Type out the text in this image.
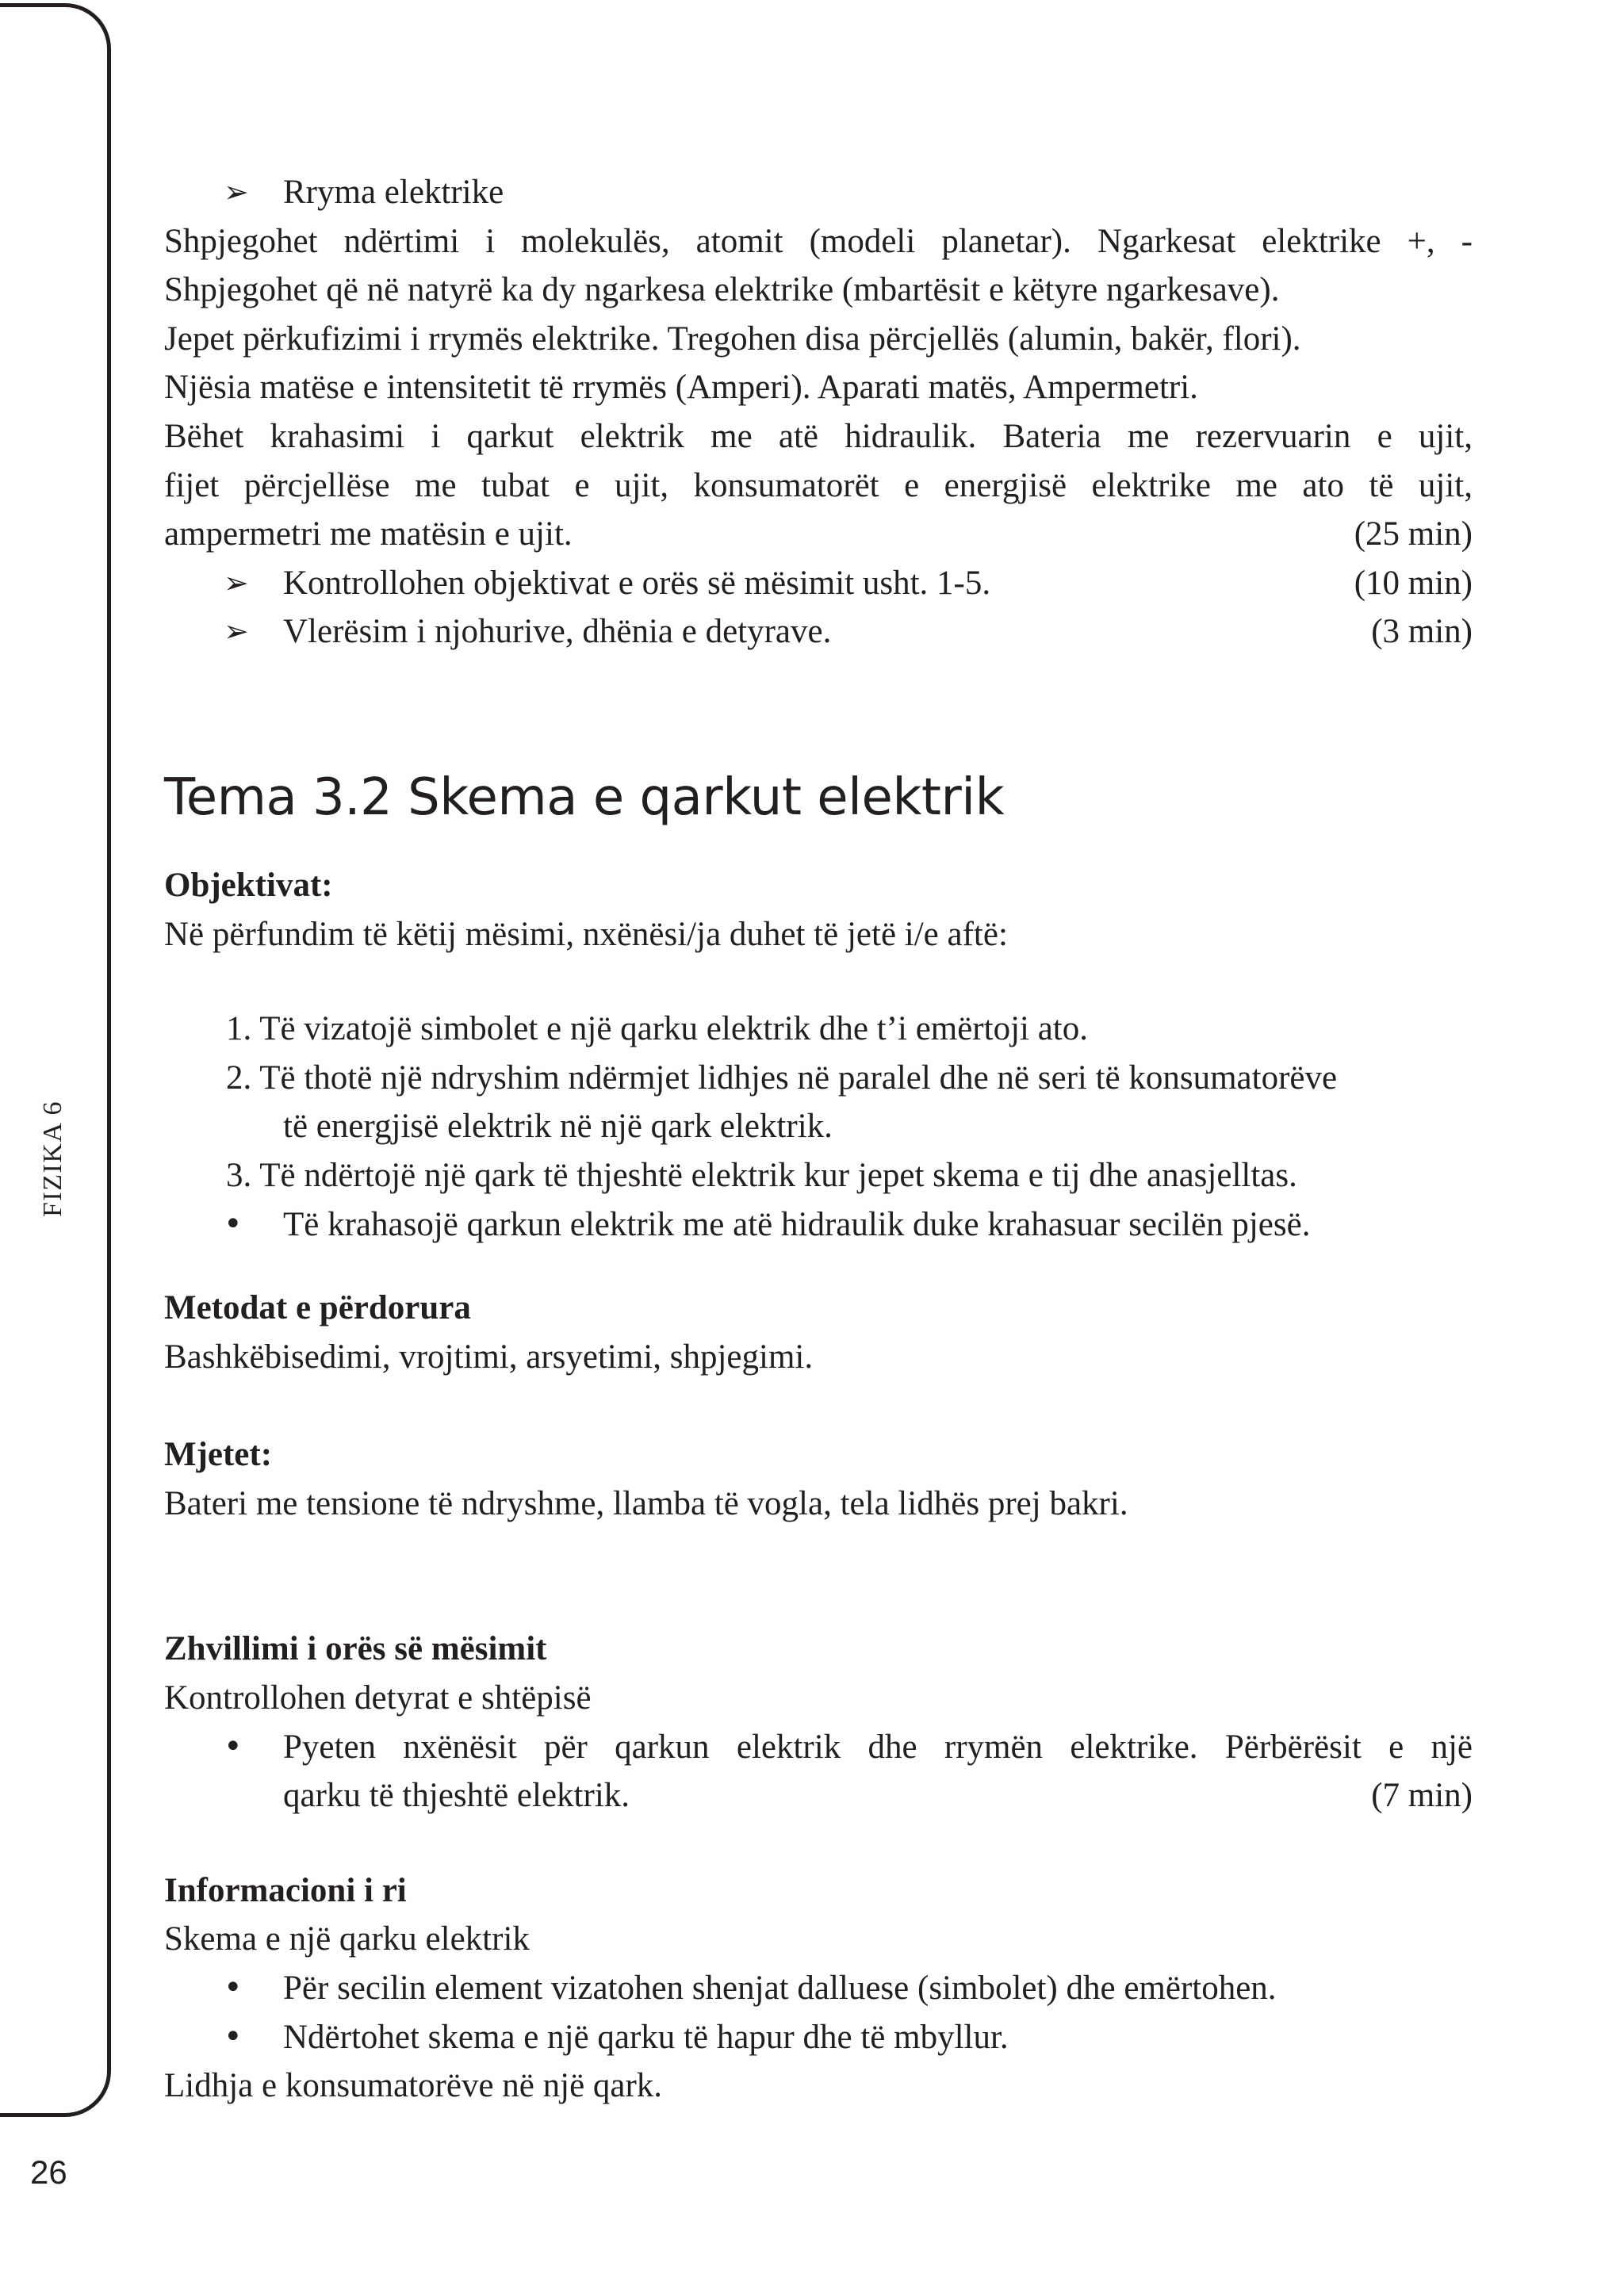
FIZIKA 6
26
➢ Rryma elektrike
Shpjegohet ndërtimi i molekulës, atomit (modeli planetar). Ngarkesat elektrike +, -
Shpjegohet që në natyrë ka dy ngarkesa elektrike (mbartësit e këtyre ngarkesave).
Jepet përkufizimi i rrymës elektrike. Tregohen disa përcjellës (alumin, bakër, flori).
Njësia matëse e intensitetit të rrymës (Amperi). Aparati matës, Ampermetri.
Bëhet krahasimi i qarkut elektrik me atë hidraulik. Bateria me rezervuarin e ujit,
fijet përcjellëse me tubat e ujit, konsumatorët e energjisë elektrike me ato të ujit,
ampermetri me matësin e ujit.	(25 min)
➢ Kontrollohen objektivat e orës së mësimit usht. 1-5.	(10 min)
➢ Vlerësim i njohurive, dhënia e detyrave.	(3 min)
Tema 3.2 Skema e qarkut elektrik
Objektivat:
Në përfundim të këtij mësimi, nxënësi/ja duhet të jetë i/e aftë:
1. Të vizatojë simbolet e një qarku elektrik dhe t’i emërtoji ato.
2. Të thotë një ndryshim ndërmjet lidhjes në paralel dhe në seri të konsumatorëve
të energjisë elektrik në një qark elektrik.
3. Të ndërtojë një qark të thjeshtë elektrik kur jepet skema e tij dhe anasjelltas.
• Të krahasojë qarkun elektrik me atë hidraulik duke krahasuar secilën pjesë.
Metodat e përdorura
Bashkëbisedimi, vrojtimi, arsyetimi, shpjegimi.
Mjetet:
Bateri me tensione të ndryshme, llamba të vogla, tela lidhës prej bakri.
Zhvillimi i orës së mësimit
Kontrollohen detyrat e shtëpisë
• Pyeten nxënësit për qarkun elektrik dhe rrymën elektrike. Përbërësit e një
qarku të thjeshtë elektrik.	(7 min)
Informacioni i ri
Skema e një qarku elektrik
• Për secilin element vizatohen shenjat dalluese (simbolet) dhe emërtohen.
• Ndërtohet skema e një qarku të hapur dhe të mbyllur.
Lidhja e konsumatorëve në një qark.
